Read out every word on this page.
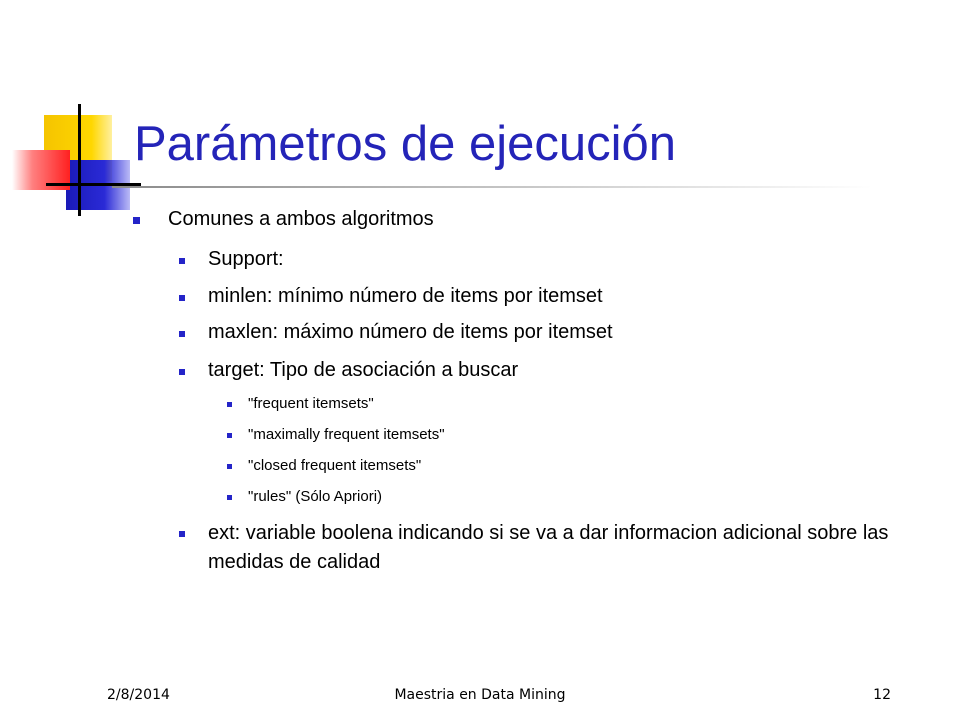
Parámetros de ejecución
Comunes a ambos algoritmos
Support:
minlen: mínimo número de items por itemset
maxlen: máximo número de items por itemset
target: Tipo de asociación a buscar
"frequent itemsets"
"maximally frequent itemsets"
"closed frequent itemsets"
"rules" (Sólo Apriori)
ext: variable boolena indicando si se va a dar informacion adicional sobre las medidas de calidad
2/8/2014	Maestria en Data Mining	12
